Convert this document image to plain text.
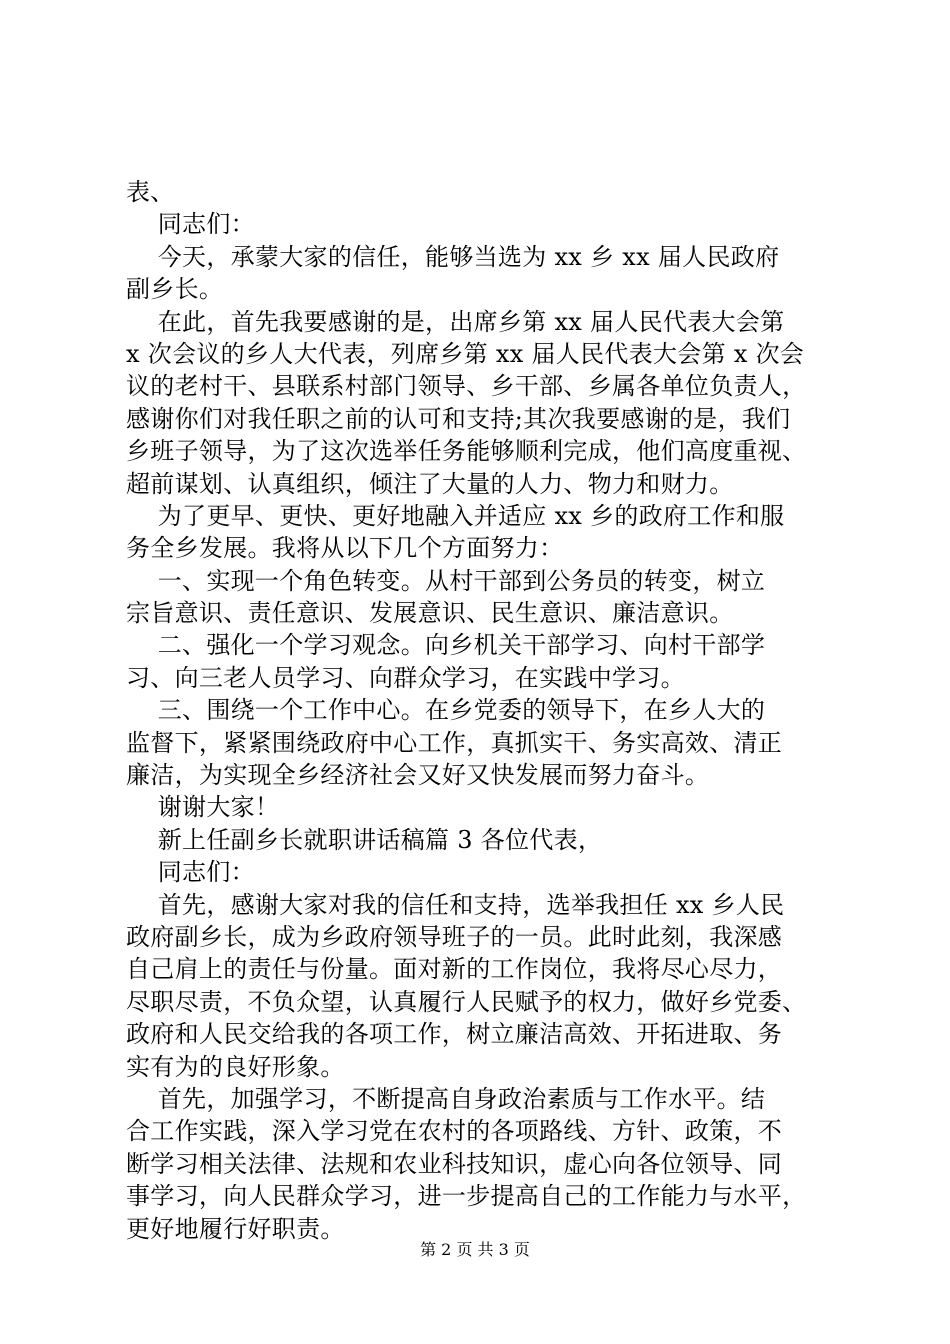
表、
同志们：
今天，承蒙大家的信任，能够当选为 xx 乡 xx 届人民政府
副乡长。
在此，首先我要感谢的是，出席乡第 xx 届人民代表大会第
x 次会议的乡人大代表，列席乡第 xx 届人民代表大会第 x 次会
议的老村干、县联系村部门领导、乡干部、乡属各单位负责人，
感谢你们对我任职之前的认可和支持;其次我要感谢的是，我们
乡班子领导，为了这次选举任务能够顺利完成，他们高度重视、
超前谋划、认真组织，倾注了大量的人力、物力和财力。
为了更早、更快、更好地融入并适应 xx 乡的政府工作和服
务全乡发展。我将从以下几个方面努力：
一、实现一个角色转变。从村干部到公务员的转变，树立
宗旨意识、责任意识、发展意识、民生意识、廉洁意识。
二、强化一个学习观念。向乡机关干部学习、向村干部学
习、向三老人员学习、向群众学习，在实践中学习。
三、围绕一个工作中心。在乡党委的领导下，在乡人大的
监督下，紧紧围绕政府中心工作，真抓实干、务实高效、清正
廉洁，为实现全乡经济社会又好又快发展而努力奋斗。
谢谢大家！
新上任副乡长就职讲话稿篇 3 各位代表，
同志们：
首先，感谢大家对我的信任和支持，选举我担任 xx 乡人民
政府副乡长，成为乡政府领导班子的一员。此时此刻，我深感
自己肩上的责任与份量。面对新的工作岗位，我将尽心尽力，
尽职尽责，不负众望，认真履行人民赋予的权力，做好乡党委、
政府和人民交给我的各项工作，树立廉洁高效、开拓进取、务
实有为的良好形象。
首先，加强学习，不断提高自身政治素质与工作水平。结
合工作实践，深入学习党在农村的各项路线、方针、政策，不
断学习相关法律、法规和农业科技知识，虚心向各位领导、同
事学习，向人民群众学习，进一步提高自己的工作能力与水平，
更好地履行好职责。
第 2 页 共 3 页
